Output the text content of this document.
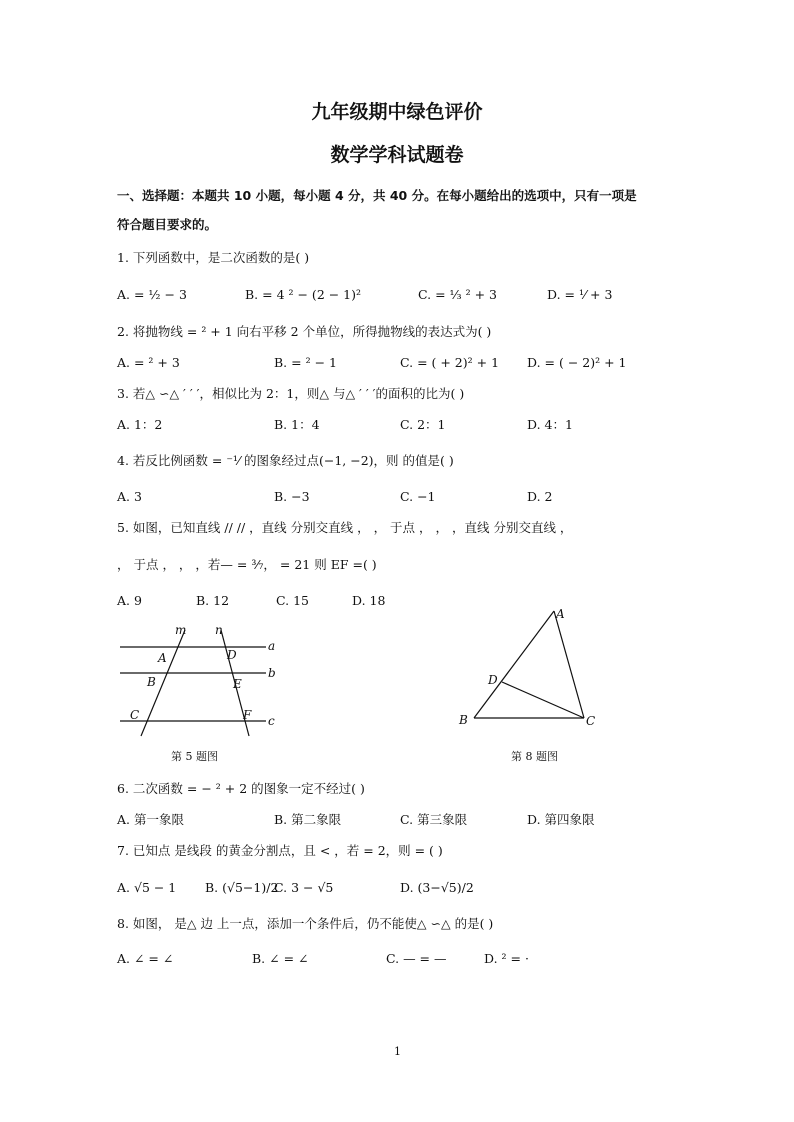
九年级期中绿色评价
数学学科试题卷
一、选择题：本题共 10 小题，每小题 4 分，共 40 分。在每小题给出的选项中，只有一项是
符合题目要求的。
1. 下列函数中，是二次函数的是( )
A. = ½ − 3	B. = 4 ² − (2 − 1)²	C. = ⅓ ² + 3	D. = ¹⁄ + 3
2. 将抛物线 = ² + 1 向右平移 2 个单位，所得抛物线的表达式为( )
A. = ² + 3	B. = ² − 1	C. = ( + 2)² + 1 D. = ( − 2)² + 1
3. 若△ ∽△ ′ ′ ′，相似比为 2：1，则△ 与△ ′ ′ ′的面积的比为( )
A. 1：2	B. 1：4	C. 2：1	D. 4：1
4. 若反比例函数 = ⁻¹⁄ 的图象经过点(−1, −2)，则 的值是( )
A. 3	B. −3	C. −1	D. 2
5. 如图，已知直线 // // ，直线 分别交直线 ， ， 于点 ， ， ，直线 分别交直线 ，
， 于点 ， ， ，若— = ³⁄₇， = 21 则 EF =( )
A. 9	B. 12	C. 15	D. 18
m n
a
b
c
A
B
C
D
E
F
第 5 题图
A
B	C
D
第 8 题图
6. 二次函数 = − ² + 2 的图象一定不经过( )
A. 第一象限	B. 第二象限	C. 第三象限	D. 第四象限
7. 已知点 是线段 的黄金分割点，且 < ，若 = 2，则 = ( )
A. √5 − 1 B. (√5−1)/2
C. 3 − √5	D. (3−√5)/2
8. 如图， 是△ 边 上一点，添加一个条件后，仍不能使△ ∽△ 的是( )
A. ∠ = ∠	B. ∠ = ∠	C. — = —	D. ² = ·
1
